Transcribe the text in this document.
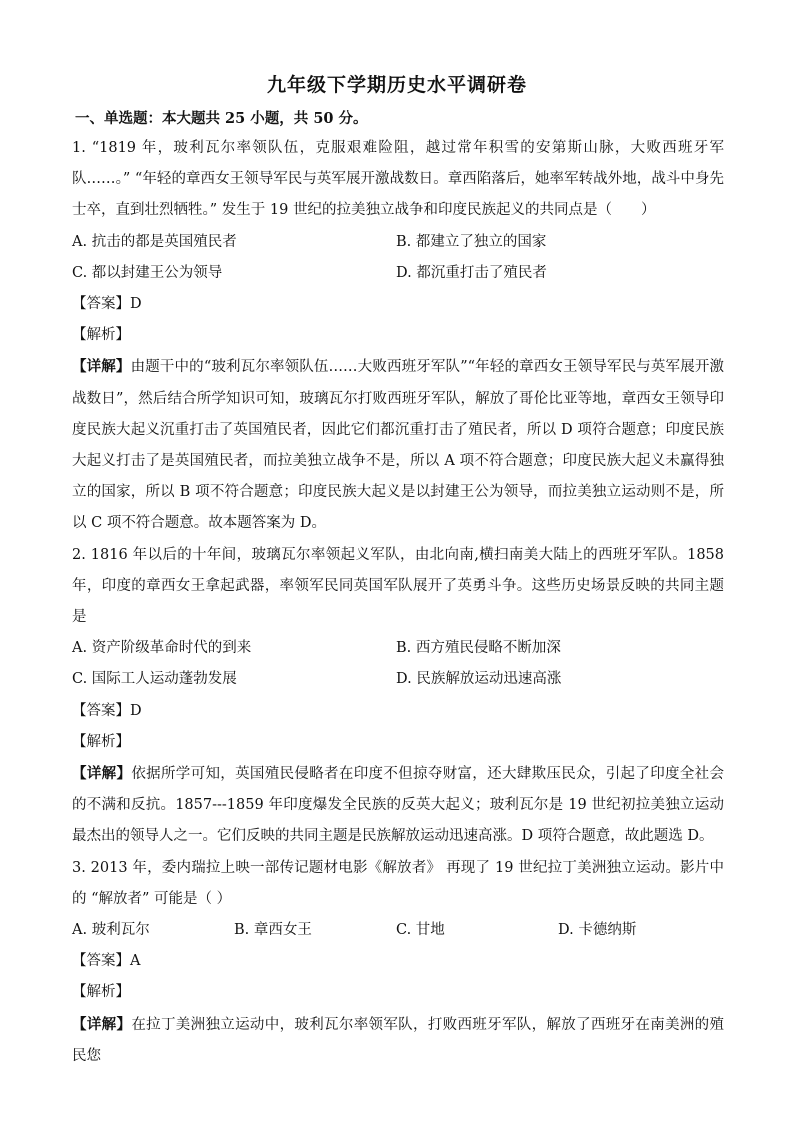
九年级下学期历史水平调研卷
一、单选题：本大题共 25 小题，共 50 分。

1. “1819 年，玻利瓦尔率领队伍，克服艰难险阻，越过常年积雪的安第斯山脉，大败西班牙军队……。” “年轻的章西女王领导军民与英军展开激战数日。章西陷落后，她率军转战外地，战斗中身先士卒，直到壮烈牺牲。” 发生于 19 世纪的拉美独立战争和印度民族起义的共同点是（　　）

A. 抗击的都是英国殖民者	B. 都建立了独立的国家
C. 都以封建王公为领导	D. 都沉重打击了殖民者

【答案】D

【解析】

【详解】由题干中的“玻利瓦尔率领队伍……大败西班牙军队”“年轻的章西女王领导军民与英军展开激战数日”，然后结合所学知识可知，玻璃瓦尔打败西班牙军队，解放了哥伦比亚等地，章西女王领导印度民族大起义沉重打击了英国殖民者，因此它们都沉重打击了殖民者，所以 D 项符合题意；印度民族大起义打击了是英国殖民者，而拉美独立战争不是，所以 A 项不符合题意；印度民族大起义未赢得独立的国家，所以 B 项不符合题意；印度民族大起义是以封建王公为领导，而拉美独立运动则不是，所以 C 项不符合题意。故本题答案为 D。

2. 1816 年以后的十年间，玻璃瓦尔率领起义军队，由北向南,横扫南美大陆上的西班牙军队。1858 年，印度的章西女王拿起武器，率领军民同英国军队展开了英勇斗争。这些历史场景反映的共同主题是

A. 资产阶级革命时代的到来	B. 西方殖民侵略不断加深
C. 国际工人运动蓬勃发展	D. 民族解放运动迅速高涨

【答案】D

【解析】

【详解】依据所学可知，英国殖民侵略者在印度不但掠夺财富，还大肆欺压民众，引起了印度全社会的不满和反抗。1857---1859 年印度爆发全民族的反英大起义；玻利瓦尔是 19 世纪初拉美独立运动最杰出的领导人之一。它们反映的共同主题是民族解放运动迅速高涨。D 项符合题意，故此题选 D。

3. 2013 年，委内瑞拉上映一部传记题材电影《解放者》 再现了 19 世纪拉丁美洲独立运动。影片中的 “解放者” 可能是（ ）

A. 玻利瓦尔	B. 章西女王	C. 甘地	D. 卡德纳斯

【答案】A

【解析】

【详解】在拉丁美洲独立运动中，玻利瓦尔率领军队，打败西班牙军队，解放了西班牙在南美洲的殖民您
